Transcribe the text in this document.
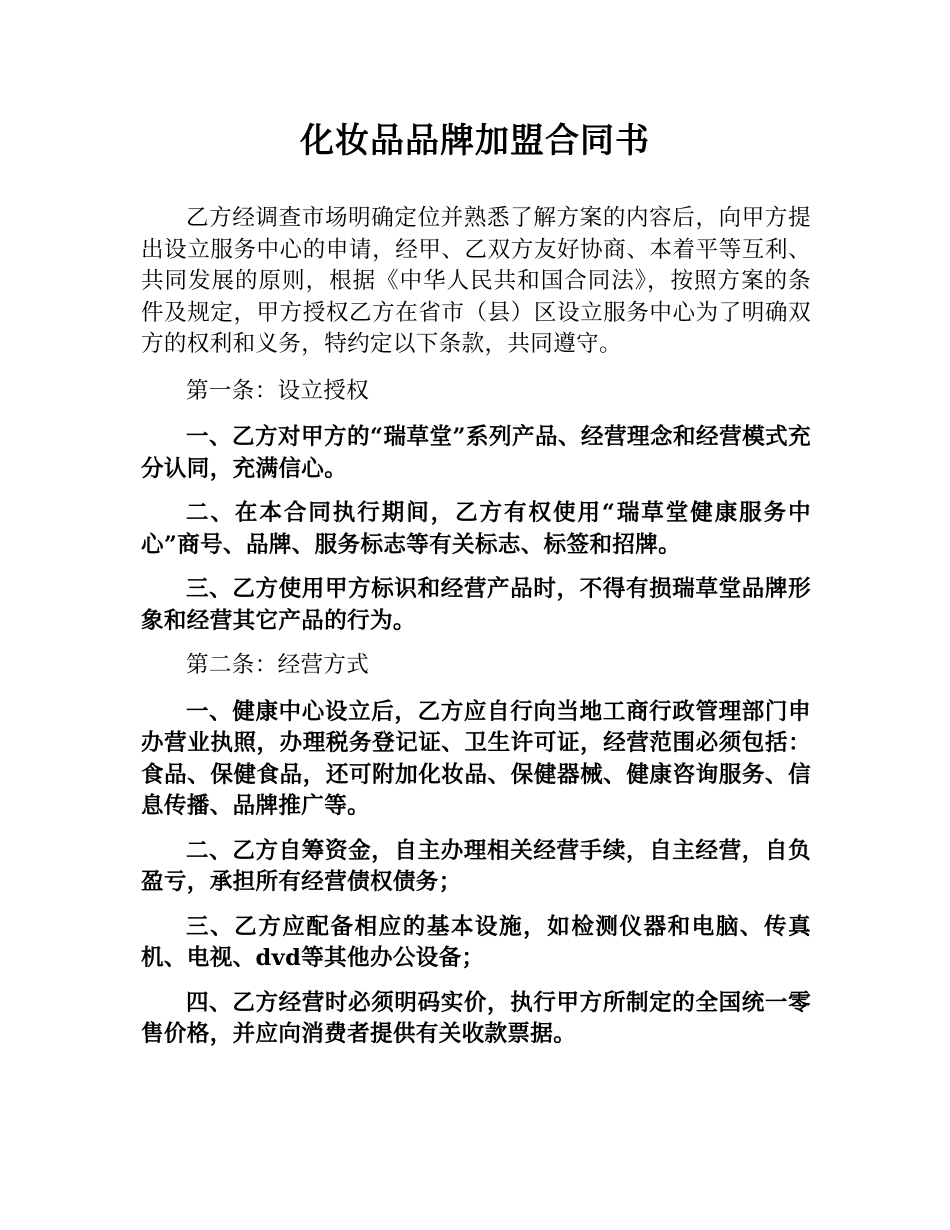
化妆品品牌加盟合同书

乙方经调查市场明确定位并熟悉了解方案的内容后，向甲方提出设立服务中心的申请，经甲、乙双方友好协商、本着平等互利、共同发展的原则，根据《中华人民共和国合同法》，按照方案的条件及规定，甲方授权乙方在省市（县）区设立服务中心为了明确双方的权利和义务，特约定以下条款，共同遵守。

第一条：设立授权

一、乙方对甲方的“瑞草堂”系列产品、经营理念和经营模式充分认同，充满信心。

二、在本合同执行期间，乙方有权使用“瑞草堂健康服务中心”商号、品牌、服务标志等有关标志、标签和招牌。

三、乙方使用甲方标识和经营产品时，不得有损瑞草堂品牌形象和经营其它产品的行为。

第二条：经营方式

一、健康中心设立后，乙方应自行向当地工商行政管理部门申办营业执照，办理税务登记证、卫生许可证，经营范围必须包括：食品、保健食品，还可附加化妆品、保健器械、健康咨询服务、信息传播、品牌推广等。

二、乙方自筹资金，自主办理相关经营手续，自主经营，自负盈亏，承担所有经营债权债务；

三、乙方应配备相应的基本设施，如检测仪器和电脑、传真机、电视、dvd等其他办公设备；

四、乙方经营时必须明码实价，执行甲方所制定的全国统一零售价格，并应向消费者提供有关收款票据。
